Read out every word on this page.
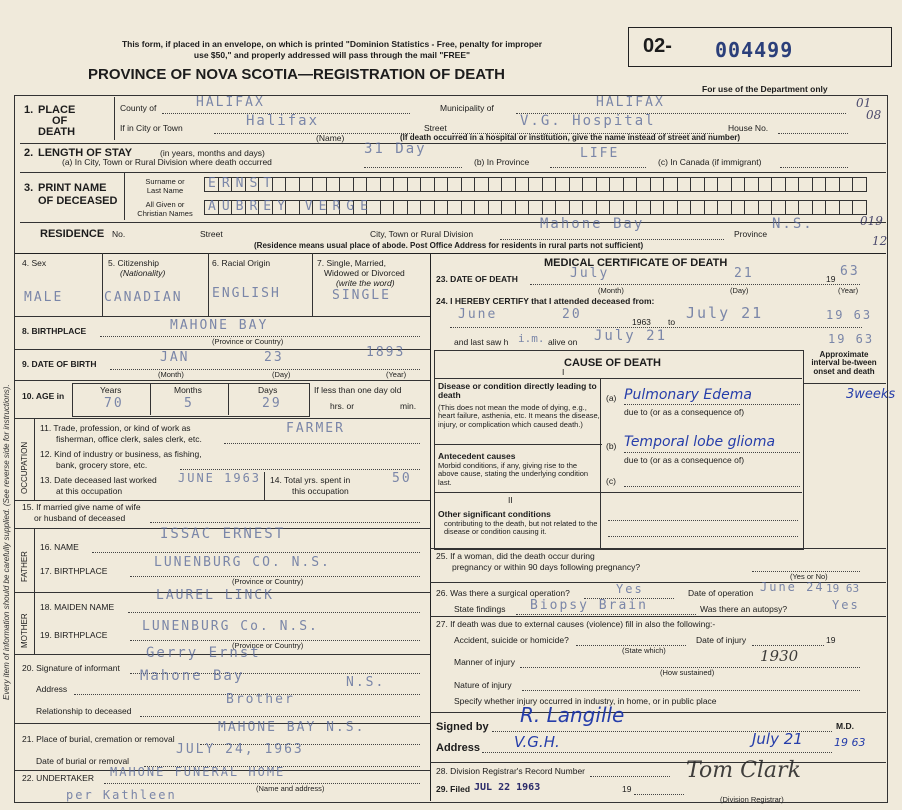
Every item of information should be carefully supplied. (See reverse side for instructions).
This form, if placed in an envelope, on which is printed "Dominion Statistics - Free, penalty for improper
use $50," and properly addressed will pass through the mail "FREE"
PROVINCE OF NOVA SCOTIA—REGISTRATION OF DEATH
02- 004499
For use of the Department only
01
08
1. PLACE
OF
DEATH
County of	HALIFAX	Municipality of	HALIFAX
If in City or Town	Halifax
(Name)
Street	V.G. Hospital	House No.
(If death occurred in a hospital or institution, give the name instead of street and number)
2. LENGTH OF STAY	(in years, months and days)
(a) In City, Town or Rural Division where death occurred
31 Day
(b) In Province
LIFE
(c) In Canada (if immigrant)
3. PRINT NAME
OF DECEASED
Surname or
Last Name
All Given or
Christian Names
ERNST
AUBREY VERGE
RESIDENCE No.	Street	City, Town or Rural Division
Mahone Bay
Province
N.S.	019
12
(Residence means usual place of abode. Post Office Address for residents in rural parts not sufficient)
4. Sex
MALE
5. Citizenship
(Nationality)
CANADIAN
6. Racial Origin
ENGLISH
7. Single, Married,
Widowed or Divorced
(write the word)
SINGLE
8. BIRTHPLACE	MAHONE BAY
(Province or Country)
9. DATE OF BIRTH	JAN	23	1893
(Month)	(Day)	(Year)
10. AGE in
Years
70
Months
5
Days
29
If less than one day old
hrs. or	min.
OCCUPATION
11. Trade, profession, or kind of work as
fisherman, office clerk, sales clerk, etc.
FARMER
12. Kind of industry or business, as fishing,
bank, grocery store, etc.
13. Date deceased last worked
at this occupation
JUNE 1963 14. Total yrs. spent in
this occupation
50
15. If married give name of wife
or husband of deceased
FATHER
16. NAME
ISSAC ERNEST
17. BIRTHPLACE
LUNENBURG CO. N.S.
(Province or Country)
MOTHER
18. MAIDEN NAME
LAUREL LINCK
19. BIRTHPLACE
LUNENBURG Co. N.S.
(Province or Country)
20. Signature of informant
Gerry Ernst
Address
Mahone Bay	N.S.
Relationship to deceased
Brother
21. Place of burial, cremation or removal
MAHONE BAY N.S.
Date of burial or removal
JULY 24, 1963
22. UNDERTAKER MAHONE FUNERAL HOME
(Name and address)
per Kathleen
MEDICAL CERTIFICATE OF DEATH
23. DATE OF DEATH	July	21	19 63
(Month)	(Day)	(Year)
24. I HEREBY CERTIFY that I attended deceased from:
June	20	1963 to July 21	19 63
and last saw h i.m. alive on July 21	19 63
CAUSE OF DEATH
Approximate interval be-tween onset and death
I
Disease or condition directly leading to death
(This does not mean the mode of dying, e.g., heart failure, asthenia, etc. It means the disease, injury, or complication which caused death.)
(a) Pulmonary Edema	3weeks
due to (or as a consequence of)
Antecedent causes
Morbid conditions, if any, giving rise to the above cause, stating the underlying condition last.
(b) Temporal lobe glioma
due to (or as a consequence of)
(c)
II
Other significant conditions
contributing to the death, but not related to the disease or condition causing it.
25. If a woman, did the death occur during
pregnancy or within 90 days following pregnancy?
(Yes or No)
26. Was there a surgical operation?	Yes	Date of operation June 24 19 63
State findings Biopsy Brain	Was there an autopsy?	Yes
27. If death was due to external causes (violence) fill in also the following:-
Accident, suicide or homicide?	Date of injury	19
(State which)
Manner of injury	1930
(How sustained)
Nature of injury
Specify whether injury occurred in industry, in home, or in public place
Signed by R. Langille	M.D.
Address V.G.H.	July 21	19 63
28. Division Registrar's Record Number
29. Filed JUL 22 1963	19
(Division Registrar)
Tom Clark
